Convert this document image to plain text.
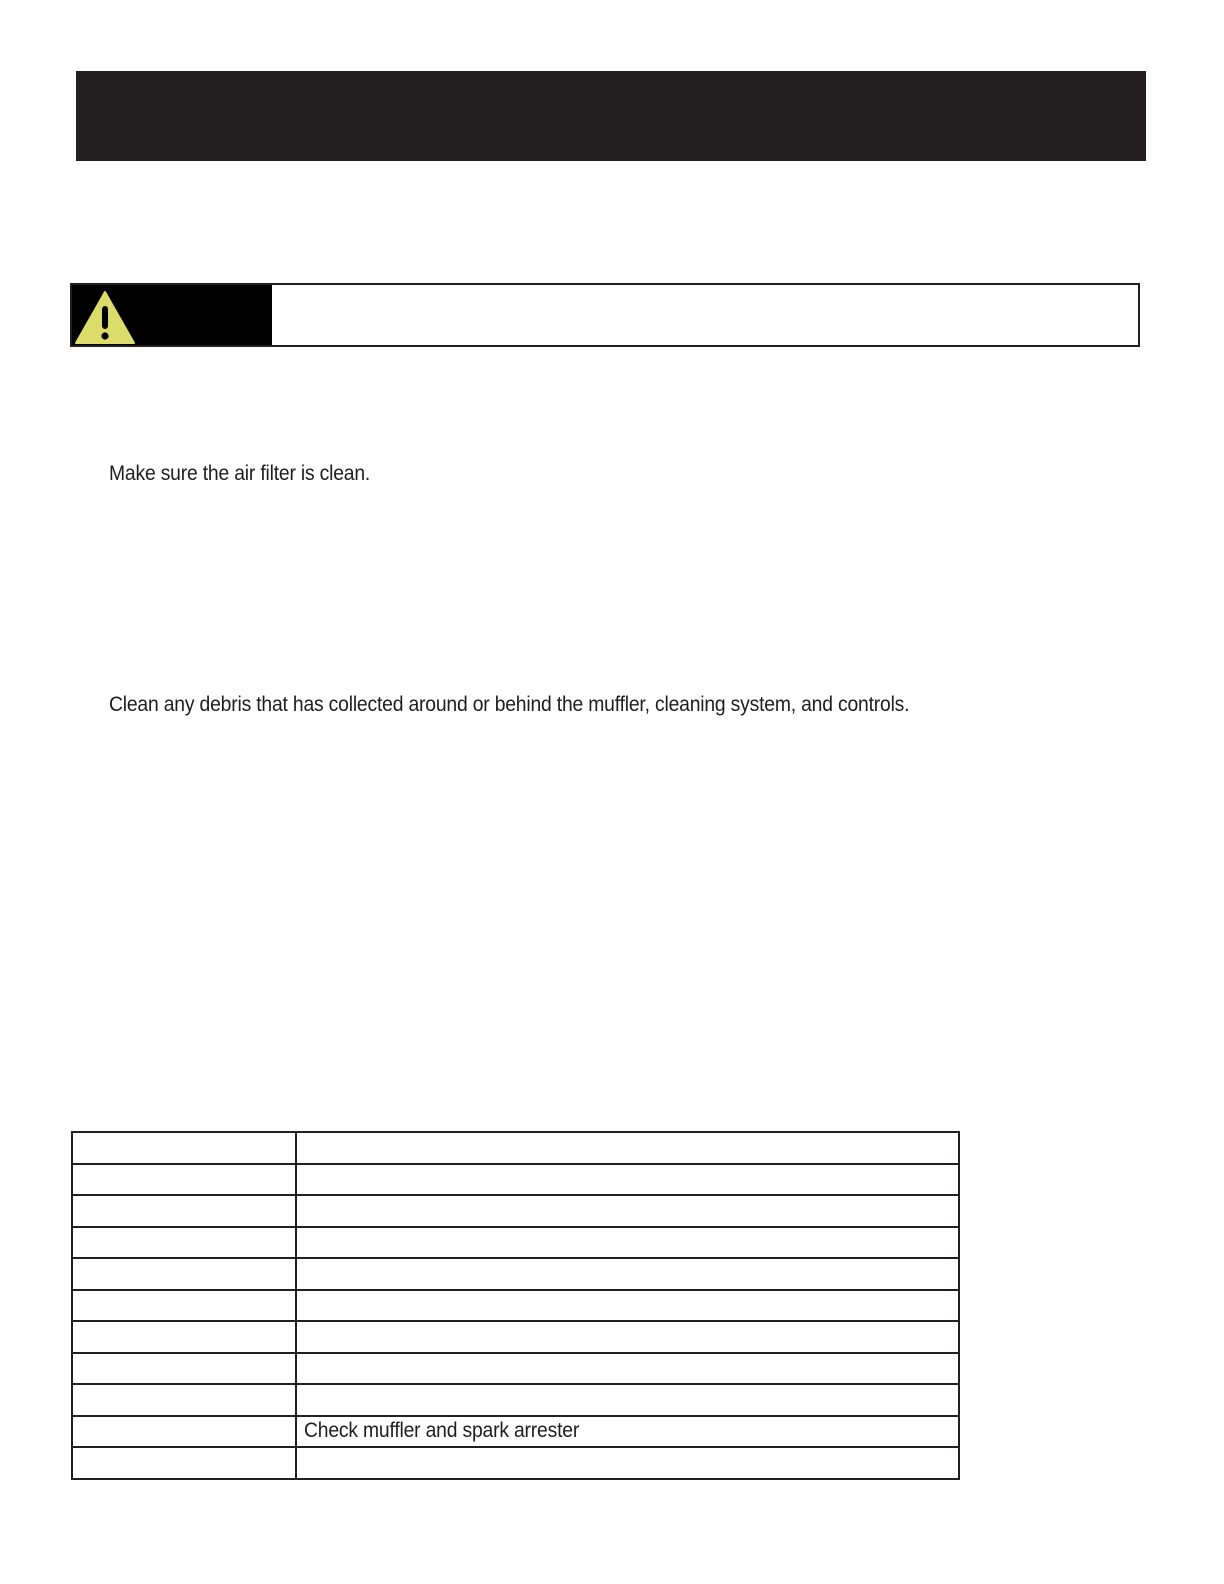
Make sure the air filter is clean.
Clean any debris that has collected around or behind the muffler, cleaning system, and controls.

	Check muffler and spark arrester
